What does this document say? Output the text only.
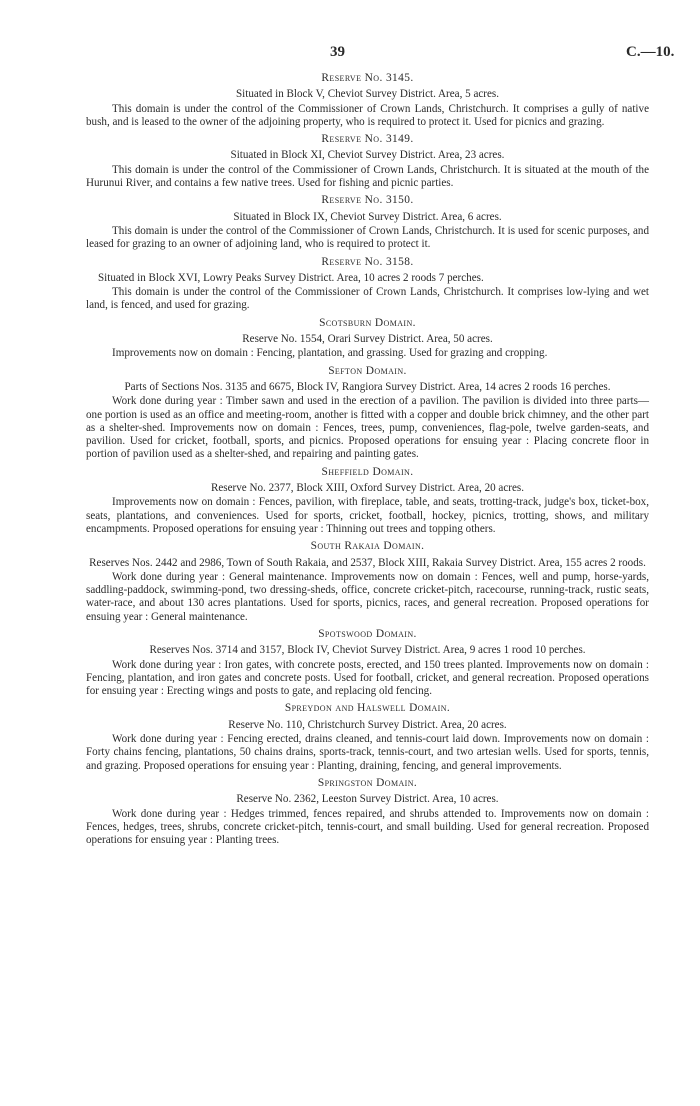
39	C.—10.
Reserve No. 3145.
Situated in Block V, Cheviot Survey District. Area, 5 acres.

This domain is under the control of the Commissioner of Crown Lands, Christchurch. It comprises a gully of native bush, and is leased to the owner of the adjoining property, who is required to protect it. Used for picnics and grazing.

Reserve No. 3149.
Situated in Block XI, Cheviot Survey District. Area, 23 acres.

This domain is under the control of the Commissioner of Crown Lands, Christchurch. It is situated at the mouth of the Hurunui River, and contains a few native trees. Used for fishing and picnic parties.

Reserve No. 3150.
Situated in Block IX, Cheviot Survey District. Area, 6 acres.

This domain is under the control of the Commissioner of Crown Lands, Christchurch. It is used for scenic purposes, and leased for grazing to an owner of adjoining land, who is required to protect it.

Reserve No. 3158.
Situated in Block XVI, Lowry Peaks Survey District. Area, 10 acres 2 roods 7 perches.

This domain is under the control of the Commissioner of Crown Lands, Christchurch. It comprises low-lying and wet land, is fenced, and used for grazing.

Scotsburn Domain.
Reserve No. 1554, Orari Survey District. Area, 50 acres.

Improvements now on domain : Fencing, plantation, and grassing. Used for grazing and cropping.

Sefton Domain.
Parts of Sections Nos. 3135 and 6675, Block IV, Rangiora Survey District. Area, 14 acres 2 roods 16 perches.

Work done during year : Timber sawn and used in the erection of a pavilion. The pavilion is divided into three parts—one portion is used as an office and meeting-room, another is fitted with a copper and double brick chimney, and the other part as a shelter-shed. Improvements now on domain : Fences, trees, pump, conveniences, flag-pole, twelve garden-seats, and pavilion. Used for cricket, football, sports, and picnics. Proposed operations for ensuing year : Placing concrete floor in portion of pavilion used as a shelter-shed, and repairing and painting gates.

Sheffield Domain.
Reserve No. 2377, Block XIII, Oxford Survey District. Area, 20 acres.

Improvements now on domain : Fences, pavilion, with fireplace, table, and seats, trotting-track, judge's box, ticket-box, seats, plantations, and conveniences. Used for sports, cricket, football, hockey, picnics, trotting, shows, and military encampments. Proposed operations for ensuing year : Thinning out trees and topping others.

South Rakaia Domain.
Reserves Nos. 2442 and 2986, Town of South Rakaia, and 2537, Block XIII, Rakaia Survey District. Area, 155 acres 2 roods.

Work done during year : General maintenance. Improvements now on domain : Fences, well and pump, horse-yards, saddling-paddock, swimming-pond, two dressing-sheds, office, concrete cricket-pitch, racecourse, running-track, rustic seats, water-race, and about 130 acres plantations. Used for sports, picnics, races, and general recreation. Proposed operations for ensuing year : General maintenance.

Spotswood Domain.
Reserves Nos. 3714 and 3157, Block IV, Cheviot Survey District. Area, 9 acres 1 rood 10 perches.

Work done during year : Iron gates, with concrete posts, erected, and 150 trees planted. Improvements now on domain : Fencing, plantation, and iron gates and concrete posts. Used for football, cricket, and general recreation. Proposed operations for ensuing year : Erecting wings and posts to gate, and replacing old fencing.

Spreydon and Halswell Domain.
Reserve No. 110, Christchurch Survey District. Area, 20 acres.

Work done during year : Fencing erected, drains cleaned, and tennis-court laid down. Improvements now on domain : Forty chains fencing, plantations, 50 chains drains, sports-track, tennis-court, and two artesian wells. Used for sports, tennis, and grazing. Proposed operations for ensuing year : Planting, draining, fencing, and general improvements.

Springston Domain.
Reserve No. 2362, Leeston Survey District. Area, 10 acres.

Work done during year : Hedges trimmed, fences repaired, and shrubs attended to. Improvements now on domain : Fences, hedges, trees, shrubs, concrete cricket-pitch, tennis-court, and small building. Used for general recreation. Proposed operations for ensuing year : Planting trees.
